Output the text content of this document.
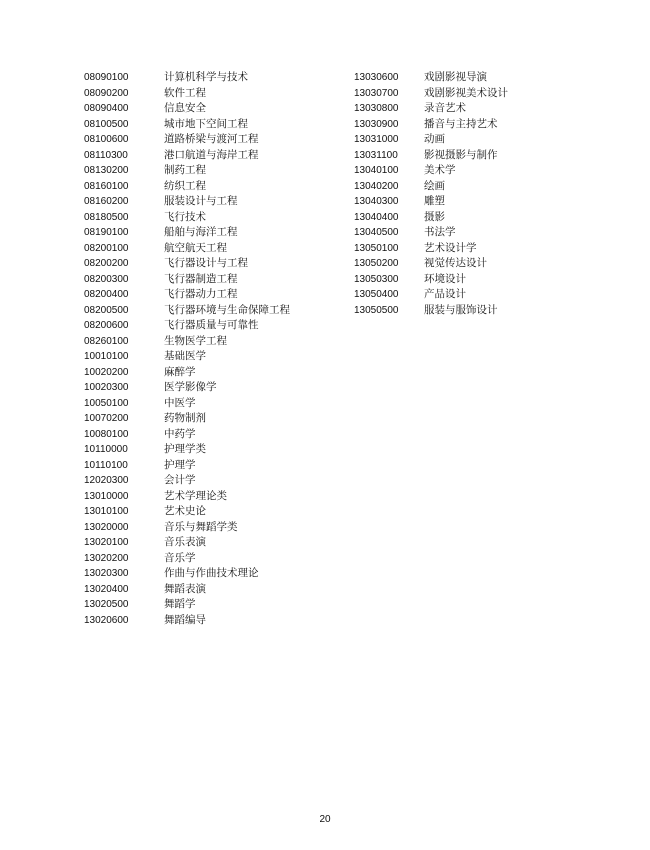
08090100	计算机科学与技术
08090200	软件工程
08090400	信息安全
08100500	城市地下空间工程
08100600	道路桥梁与渡河工程
08110300	港口航道与海岸工程
08130200	制药工程
08160100	纺织工程
08160200	服装设计与工程
08180500	飞行技术
08190100	船舶与海洋工程
08200100	航空航天工程
08200200	飞行器设计与工程
08200300	飞行器制造工程
08200400	飞行器动力工程
08200500	飞行器环境与生命保障工程
08200600	飞行器质量与可靠性
08260100	生物医学工程
10010100	基础医学
10020200	麻醉学
10020300	医学影像学
10050100	中医学
10070200	药物制剂
10080100	中药学
10110000	护理学类
10110100	护理学
12020300	会计学
13010000	艺术学理论类
13010100	艺术史论
13020000	音乐与舞蹈学类
13020100	音乐表演
13020200	音乐学
13020300	作曲与作曲技术理论
13020400	舞蹈表演
13020500	舞蹈学
13020600	舞蹈编导
13030600 戏剧影视导演
13030700 戏剧影视美术设计
13030800 录音艺术
13030900 播音与主持艺术
13031000 动画
13031100	影视摄影与制作
13040100 美术学
13040200 绘画
13040300 雕塑
13040400 摄影
13040500 书法学
13050100 艺术设计学
13050200 视觉传达设计
13050300 环境设计
13050400 产品设计
13050500 服装与服饰设计
20
